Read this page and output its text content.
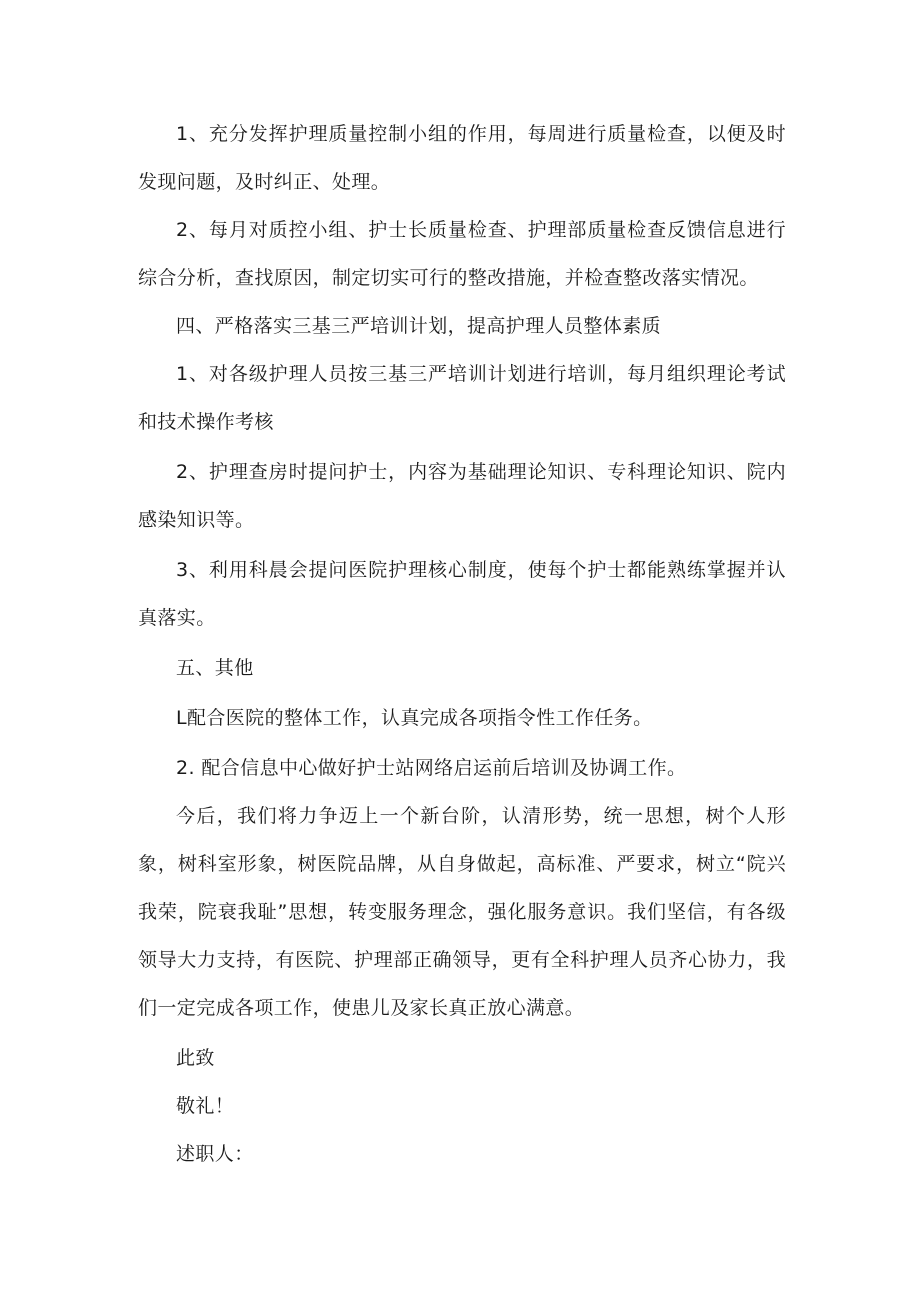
1、充分发挥护理质量控制小组的作用，每周进行质量检查，以便及时发现问题，及时纠正、处理。

2、每月对质控小组、护士长质量检查、护理部质量检查反馈信息进行综合分析，查找原因，制定切实可行的整改措施，并检查整改落实情况。

四、严格落实三基三严培训计划，提高护理人员整体素质

1、对各级护理人员按三基三严培训计划进行培训，每月组织理论考试和技术操作考核

2、护理查房时提问护士，内容为基础理论知识、专科理论知识、院内感染知识等。

3、利用科晨会提问医院护理核心制度，使每个护士都能熟练掌握并认真落实。

五、其他

L配合医院的整体工作，认真完成各项指令性工作任务。

2. 配合信息中心做好护士站网络启运前后培训及协调工作。

今后，我们将力争迈上一个新台阶，认清形势，统一思想，树个人形象，树科室形象，树医院品牌，从自身做起，高标准、严要求，树立“院兴我荣，院衰我耻”思想，转变服务理念，强化服务意识。我们坚信，有各级领导大力支持，有医院、护理部正确领导，更有全科护理人员齐心协力，我们一定完成各项工作，使患儿及家长真正放心满意。

此致

敬礼！

述职人：
